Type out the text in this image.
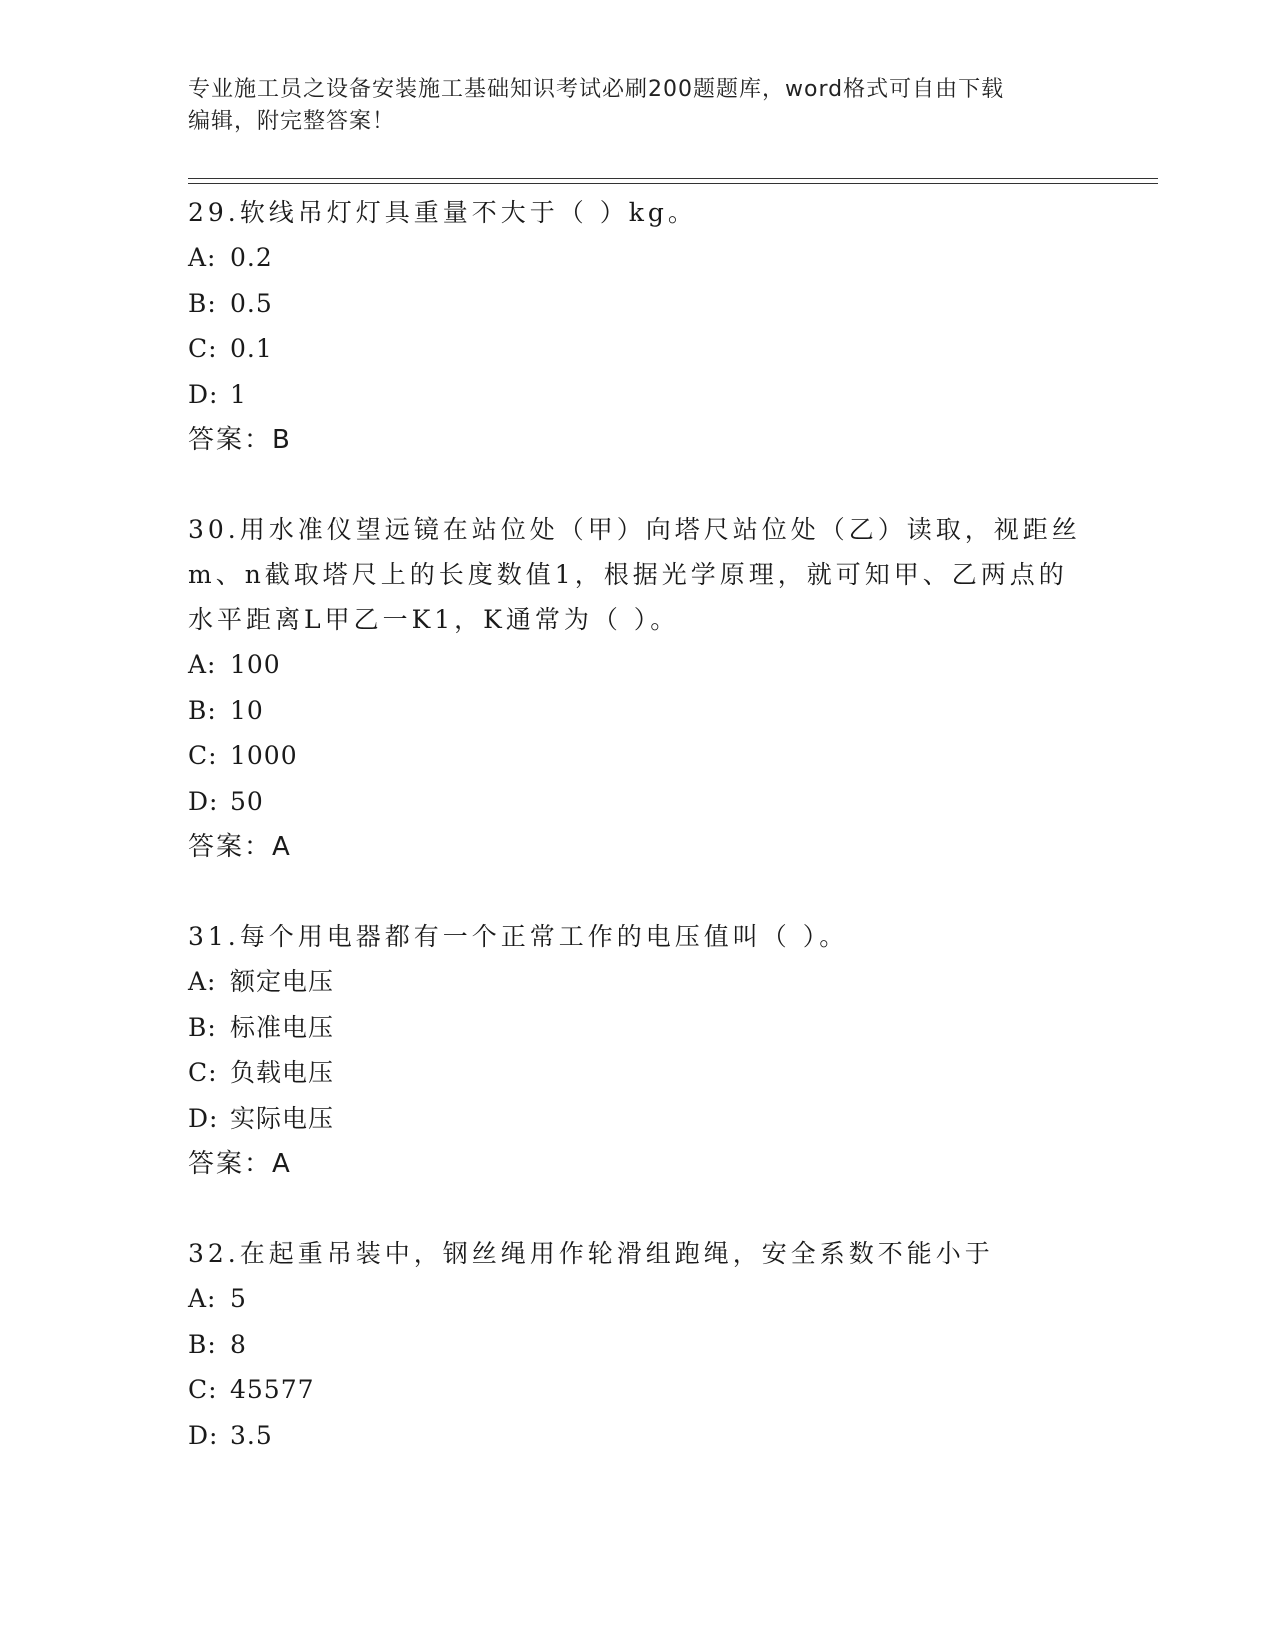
专业施工员之设备安装施工基础知识考试必刷200题题库，word格式可自由下载
编辑，附完整答案！

29.软线吊灯灯具重量不大于（ ）kg。

A: 0.2

B: 0.5

C: 0.1

D: 1

答案：B

30.用水准仪望远镜在站位处（甲）向塔尺站位处（乙）读取，视距丝

m、n截取塔尺上的长度数值1，根据光学原理，就可知甲、乙两点的

水平距离L甲乙一K1，K通常为（ ）。

A: 100

B: 10

C: 1000

D: 50

答案：A

31.每个用电器都有一个正常工作的电压值叫（ ）。

A: 额定电压

B: 标准电压

C: 负载电压

D: 实际电压

答案：A

32.在起重吊装中，钢丝绳用作轮滑组跑绳，安全系数不能小于

A: 5

B: 8

C: 45577

D: 3.5
